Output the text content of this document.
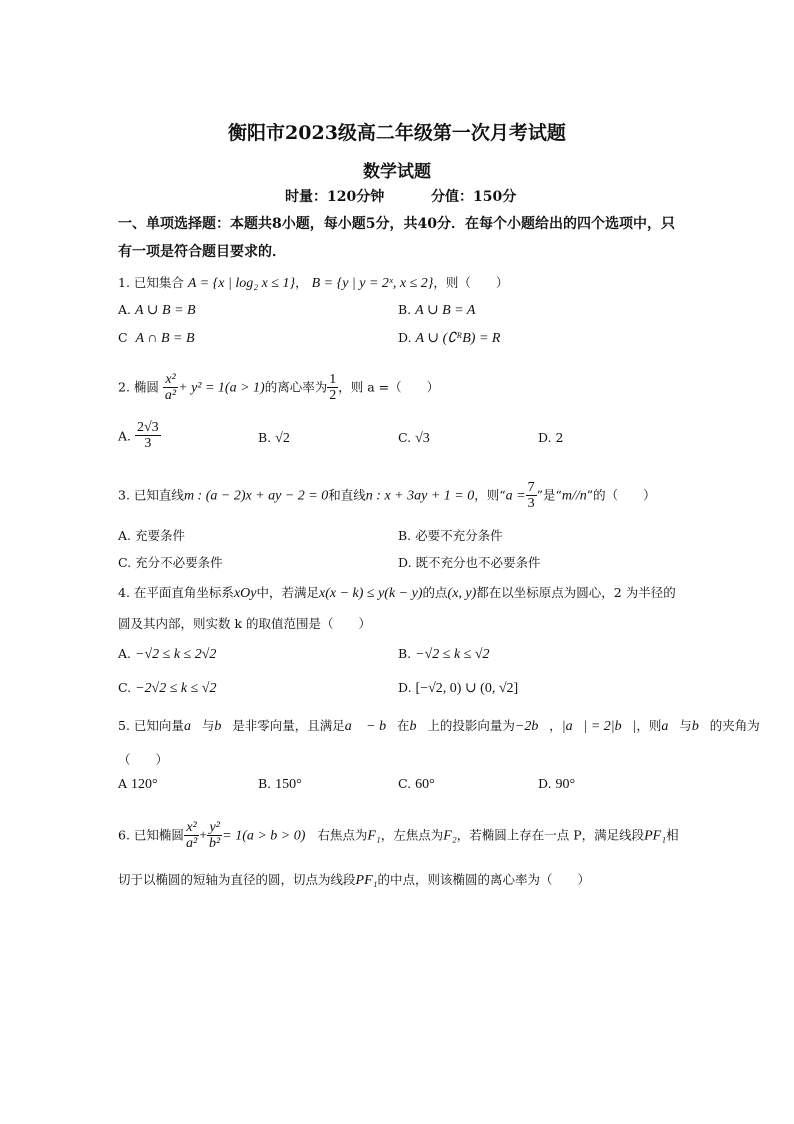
衡阳市2023级高二年级第一次月考试题
数学试题
时量：120分钟	分值：150分
一、单项选择题：本题共8小题，每小题5分，共40分．在每个小题给出的四个选项中，只
有一项是符合题目要求的．
1. 已知集合 A = {x | log₂ x ≤ 1}， B = {y | y = 2ˣ, x ≤ 2}，则（　　）
A. A ∪ B = B	B. A ∪ B = A
C A ∩ B = B	D. A ∪ (∁ᴿB) = R
2. 椭圆 $\frac{\text{x²}}{\text{a²}} + y^2 = 1(a > 1)$的离心率为 $\frac{1}{2}$ ，则 a =（　　）
A. $\frac{2√3}{3}$	B. √2	C. √3	D. 2
3. 已知直线m : (a − 2)x + ay − 2 = 0和直线n : x + 3ay + 1 = 0，则“$a = \frac{7}{3}$ ”是“m//n”的（　　）
A. 充要条件	B. 必要不充分条件
C. 充分不必要条件	D. 既不充分也不必要条件
4. 在平面直角坐标系xOy中，若满足x(x − k) ≤ y(k − y)的点(x, y)都在以坐标原点为圆心，2 为半径的
圆及其内部，则实数 k 的取值范围是（　　）
A. −√2 ≤ k ≤ 2√2	B. −√2 ≤ k ≤ √2
C. −2√2 ≤ k ≤ √2	D. [−√2, 0) ∪ (0, √2]
5. 已知向量a⃗与b⃗是非零向量，且满足a⃗ − b⃗在b⃗上的投影向量为−2b⃗，|a⃗| = 2|b⃗|，则a⃗与b⃗的夹角为
（　　）
A 120°	B. 150°	C. 60°	D. 90°
6. 已知椭圆 $\frac{\text{x²}}{\text{a²}} + \frac{\text{y²}}{\text{b²}} = 1(a > b > 0)$ 右焦点为F₁，左焦点为F₂，若椭圆上存在一点 P，满足线段PF₁相
切于以椭圆的短轴为直径的圆，切点为线段PF₁的中点，则该椭圆的离心率为（　　）
